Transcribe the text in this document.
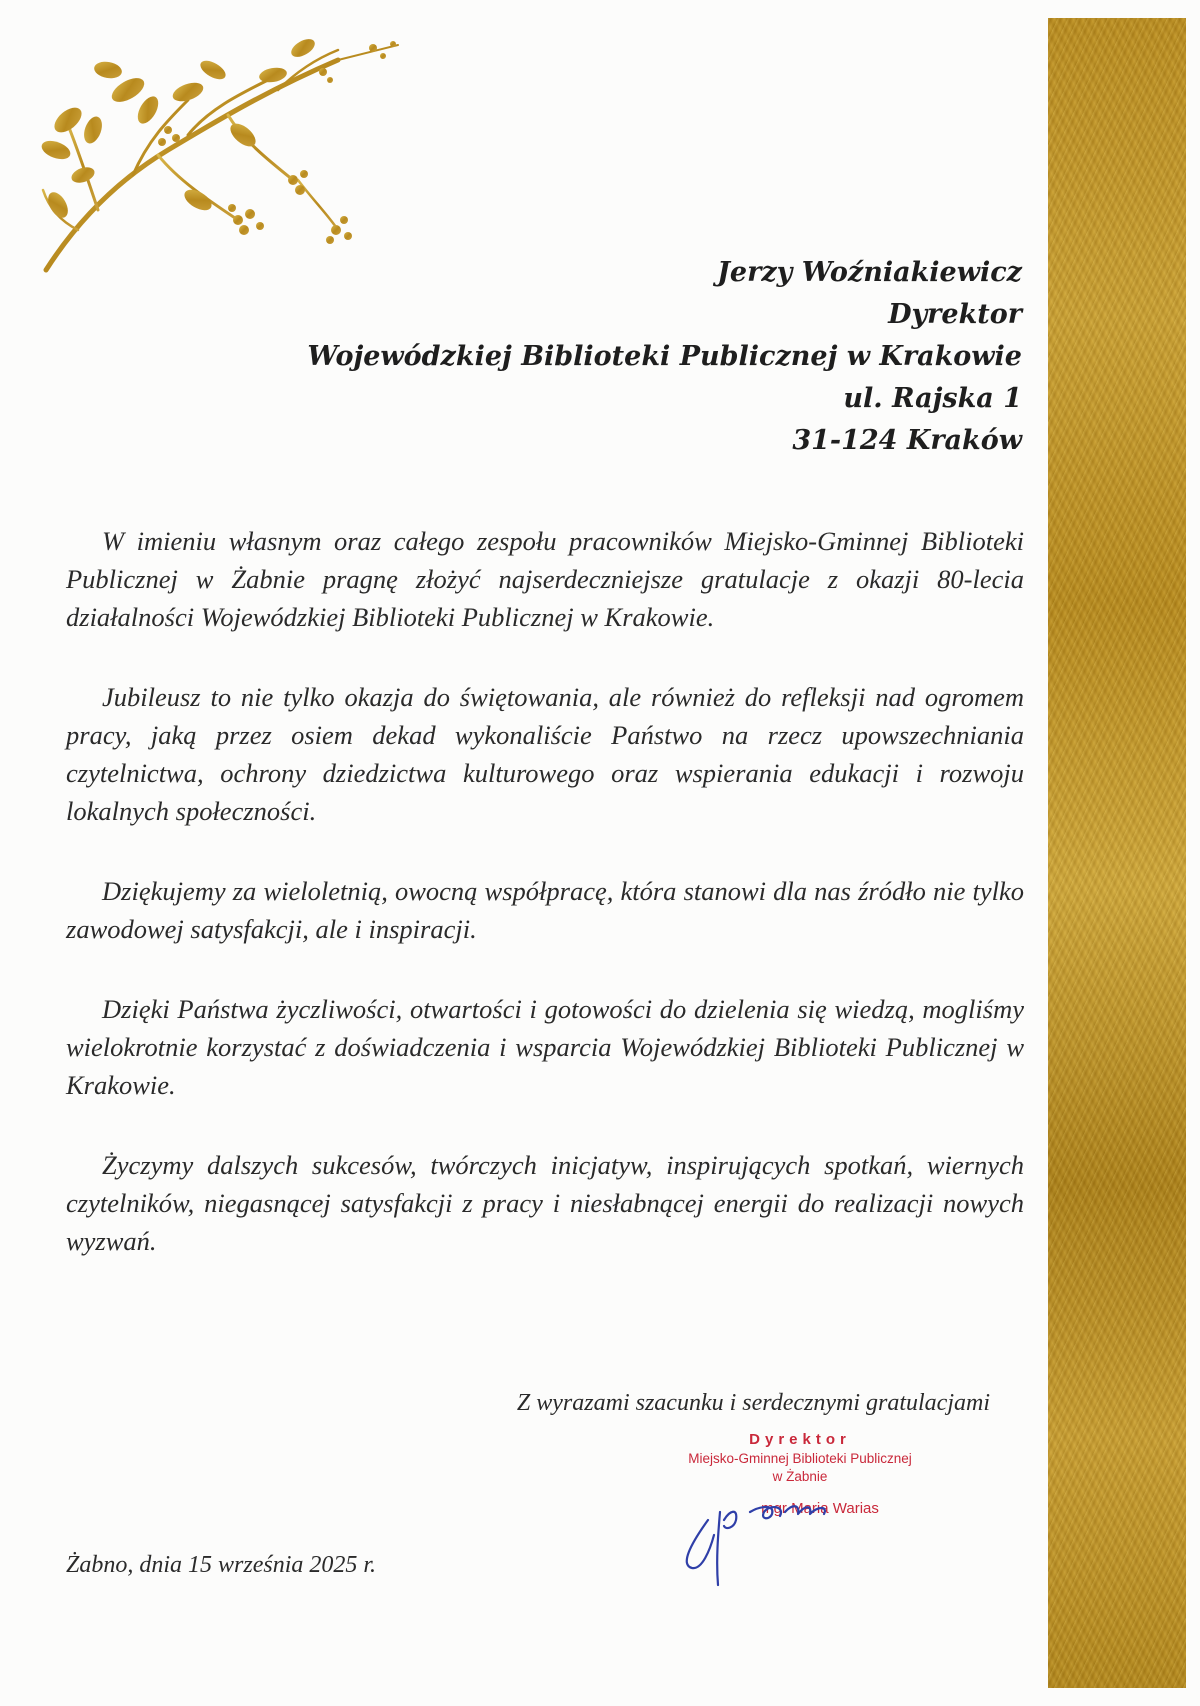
Jerzy Woźniakiewicz
Dyrektor
Wojewódzkiej Biblioteki Publicznej w Krakowie
ul. Rajska 1
31-124 Kraków

W imieniu własnym oraz całego zespołu pracowników Miejsko-Gminnej Biblioteki Publicznej w Żabnie pragnę złożyć najserdeczniejsze gratulacje z okazji 80-lecia działalności Wojewódzkiej Biblioteki Publicznej w Krakowie.

Jubileusz to nie tylko okazja do świętowania, ale również do refleksji nad ogromem pracy, jaką przez osiem dekad wykonaliście Państwo na rzecz upowszechniania czytelnictwa, ochrony dziedzictwa kulturowego oraz wspierania edukacji i rozwoju lokalnych społeczności.

Dziękujemy za wieloletnią, owocną współpracę, która stanowi dla nas źródło nie tylko zawodowej satysfakcji, ale i inspiracji.

Dzięki Państwa życzliwości, otwartości i gotowości do dzielenia się wiedzą, mogliśmy wielokrotnie korzystać z doświadczenia i wsparcia Wojewódzkiej Biblioteki Publicznej w Krakowie.

Życzymy dalszych sukcesów, twórczych inicjatyw, inspirujących spotkań, wiernych czytelników, niegasnącej satysfakcji z pracy i niesłabnącej energii do realizacji nowych wyzwań.

Z wyrazami szacunku i serdecznymi gratulacjami
Dyrektor
Miejsko-Gminnej Biblioteki Publicznej
w Żabnie
mgr Maria Warias
Żabno, dnia 15 września 2025 r.
